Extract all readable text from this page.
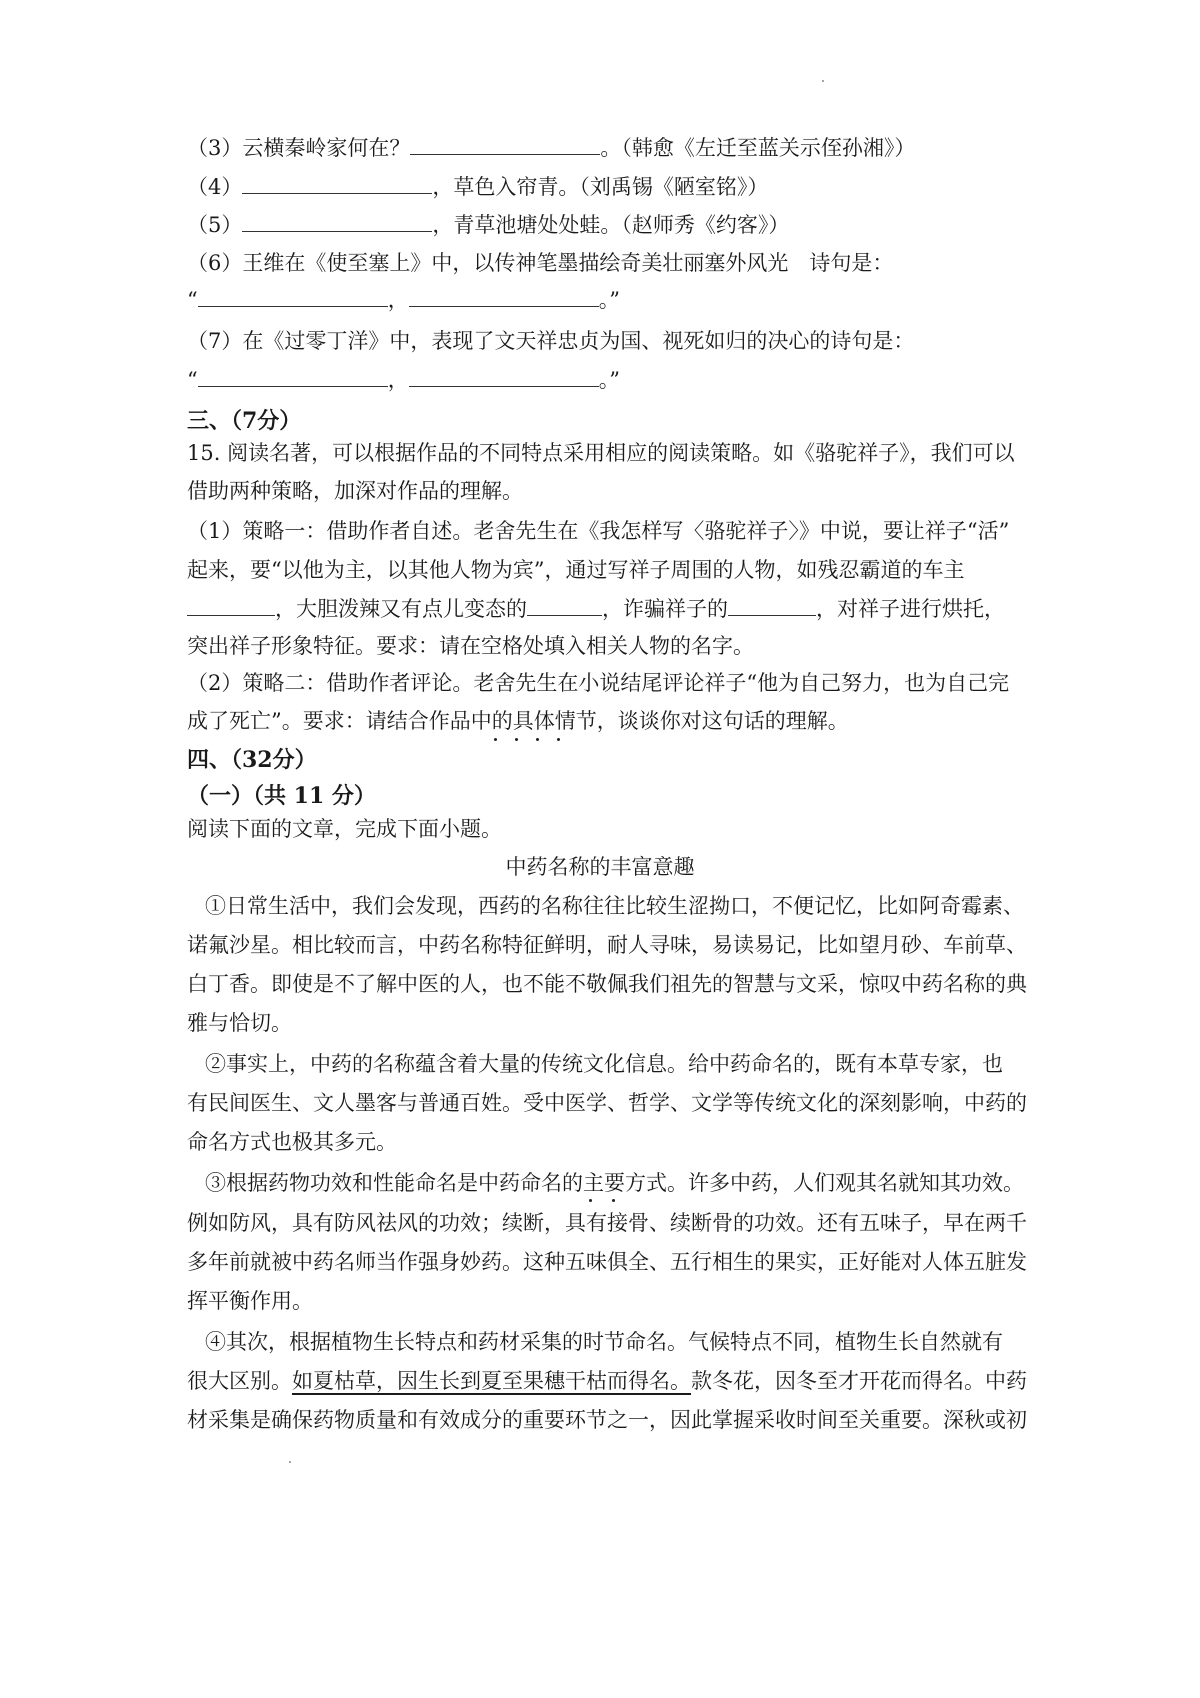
（3）云横秦岭家何在？	。（韩愈《左迁至蓝关示侄孙湘》）
（4）	，草色入帘青。（刘禹锡《陋室铭》）
（5）	，青草池塘处处蛙。（赵师秀《约客》）
（6）王维在《使至塞上》中，以传神笔墨描绘奇美壮丽塞外风光　诗句是：
“	，	。”
（7）在《过零丁洋》中，表现了文天祥忠贞为国、视死如归的决心的诗句是：
“	，	。”
三、（7分）
15. 阅读名著，可以根据作品的不同特点采用相应的阅读策略。如《骆驼祥子》，我们可以
借助两种策略，加深对作品的理解。
（1）策略一：借助作者自述。老舍先生在《我怎样写〈骆驼祥子〉》中说，要让祥子“活”
起来，要“以他为主，以其他人物为宾”，通过写祥子周围的人物，如残忍霸道的车主
，大胆泼辣又有点儿变态的	，诈骗祥子的	，对祥子进行烘托，
突出祥子形象特征。要求：请在空格处填入相关人物的名字。
（2）策略二：借助作者评论。老舍先生在小说结尾评论祥子“他为自己努力，也为自己完
成了死亡”。要求：请结合作品中的具体情节，谈谈你对这句话的理解。
四、（32分）
（一）（共 11 分）
阅读下面的文章，完成下面小题。
中药名称的丰富意趣
①日常生活中，我们会发现，西药的名称往往比较生涩拗口，不便记忆，比如阿奇霉素、
诺氟沙星。相比较而言，中药名称特征鲜明，耐人寻味，易读易记，比如望月砂、车前草、
白丁香。即使是不了解中医的人，也不能不敬佩我们祖先的智慧与文采，惊叹中药名称的典
雅与恰切。
②事实上，中药的名称蕴含着大量的传统文化信息。给中药命名的，既有本草专家，也
有民间医生、文人墨客与普通百姓。受中医学、哲学、文学等传统文化的深刻影响，中药的
命名方式也极其多元。
③根据药物功效和性能命名是中药命名的主要方式。许多中药，人们观其名就知其功效。
例如防风，具有防风祛风的功效；续断，具有接骨、续断骨的功效。还有五味子，早在两千
多年前就被中药名师当作强身妙药。这种五味俱全、五行相生的果实，正好能对人体五脏发
挥平衡作用。
④其次，根据植物生长特点和药材采集的时节命名。气候特点不同，植物生长自然就有
很大区别。如夏枯草，因生长到夏至果穗干枯而得名。款冬花，因冬至才开花而得名。中药
材采集是确保药物质量和有效成分的重要环节之一，因此掌握采收时间至关重要。深秋或初
